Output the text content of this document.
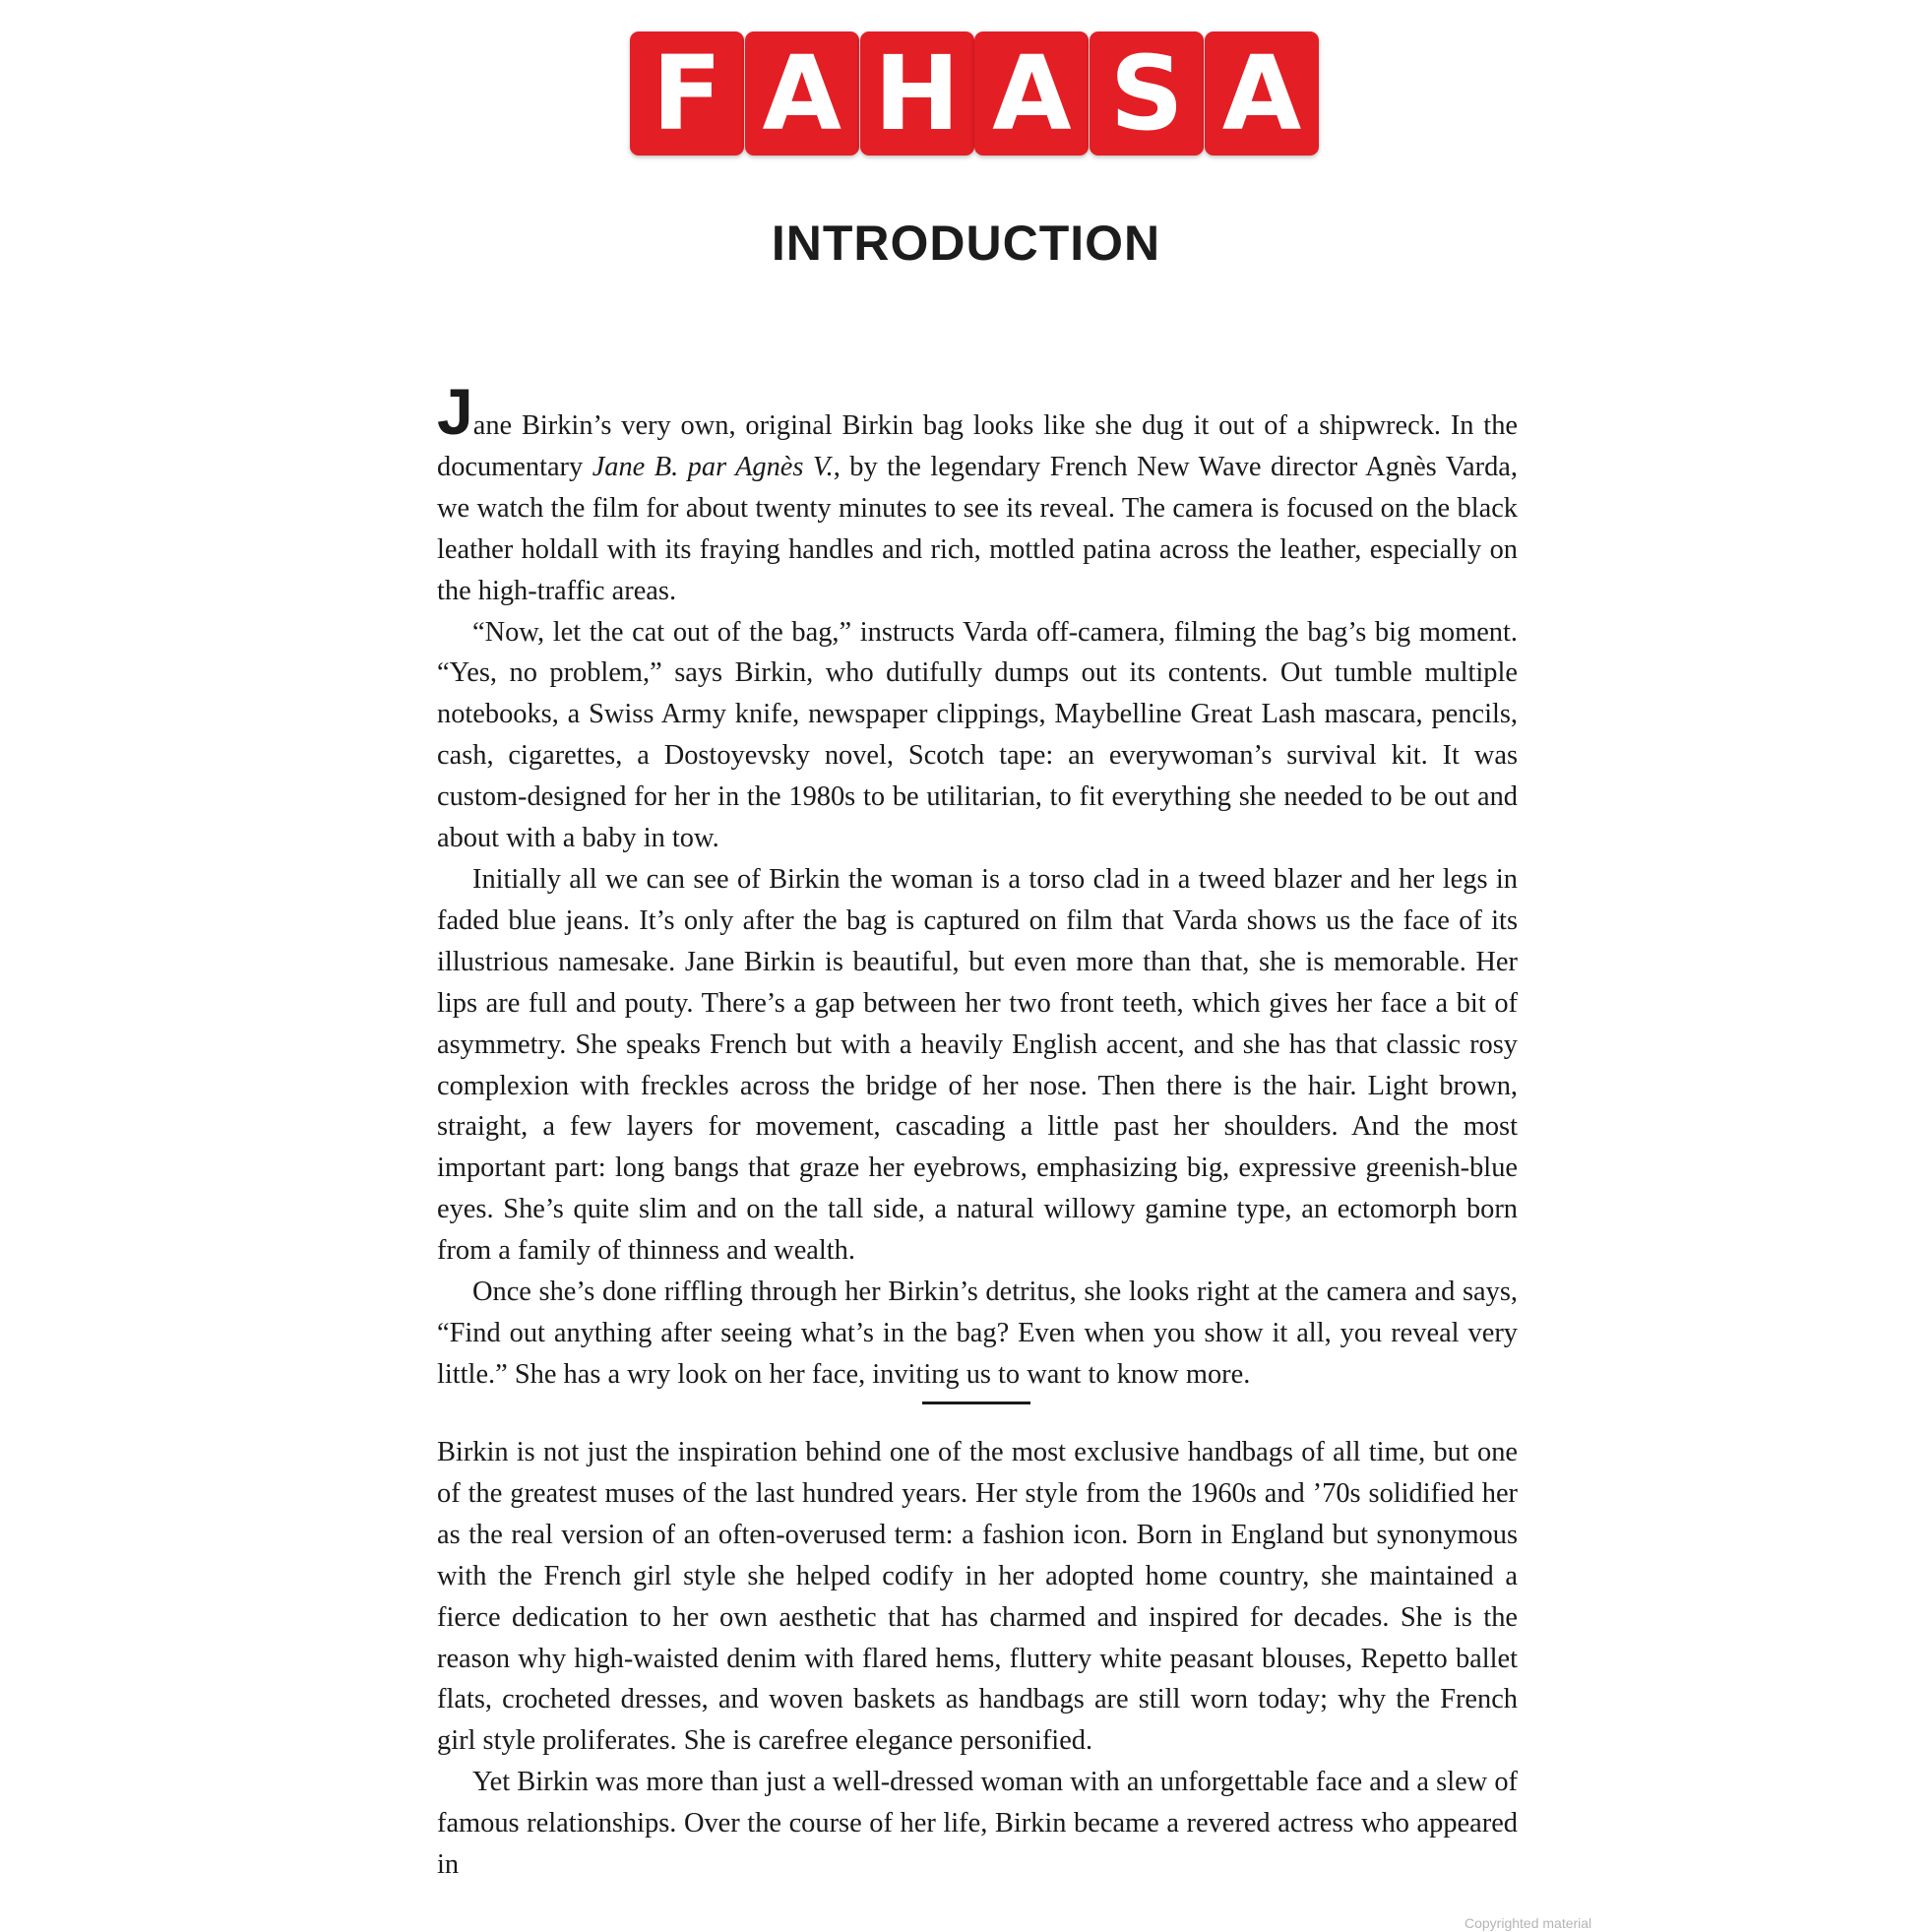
F A H A S A
INTRODUCTION

Jane Birkin’s very own, original Birkin bag looks like she dug it out of a shipwreck. In the documentary Jane B. par Agnès V., by the legendary French New Wave director Agnès Varda, we watch the film for about twenty minutes to see its reveal. The camera is focused on the black leather holdall with its fraying handles and rich, mottled patina across the leather, especially on the high-traffic areas.

“Now, let the cat out of the bag,” instructs Varda off-camera, filming the bag’s big moment. “Yes, no problem,” says Birkin, who dutifully dumps out its contents. Out tumble multiple notebooks, a Swiss Army knife, newspaper clippings, Maybelline Great Lash mascara, pencils, cash, cigarettes, a Dostoyevsky novel, Scotch tape: an everywoman’s survival kit. It was custom-designed for her in the 1980s to be utilitarian, to fit everything she needed to be out and about with a baby in tow.

Initially all we can see of Birkin the woman is a torso clad in a tweed blazer and her legs in faded blue jeans. It’s only after the bag is captured on film that Varda shows us the face of its illustrious namesake. Jane Birkin is beautiful, but even more than that, she is memorable. Her lips are full and pouty. There’s a gap between her two front teeth, which gives her face a bit of asymmetry. She speaks French but with a heavily English accent, and she has that classic rosy complexion with freckles across the bridge of her nose. Then there is the hair. Light brown, straight, a few layers for movement, cascading a little past her shoulders. And the most important part: long bangs that graze her eyebrows, emphasizing big, expressive greenish-blue eyes. She’s quite slim and on the tall side, a natural willowy gamine type, an ectomorph born from a family of thinness and wealth.

Once she’s done riffling through her Birkin’s detritus, she looks right at the camera and says, “Find out anything after seeing what’s in the bag? Even when you show it all, you reveal very little.” She has a wry look on her face, inviting us to want to know more.

Birkin is not just the inspiration behind one of the most exclusive handbags of all time, but one of the greatest muses of the last hundred years. Her style from the 1960s and ’70s solidified her as the real version of an often-overused term: a fashion icon. Born in England but synonymous with the French girl style she helped codify in her adopted home country, she maintained a fierce dedication to her own aesthetic that has charmed and inspired for decades. She is the reason why high-waisted denim with flared hems, fluttery white peasant blouses, Repetto ballet flats, crocheted dresses, and woven baskets as handbags are still worn today; why the French girl style proliferates. She is carefree elegance personified.

Yet Birkin was more than just a well-dressed woman with an unforgettable face and a slew of famous relationships. Over the course of her life, Birkin became a revered actress who appeared in

Copyrighted material
